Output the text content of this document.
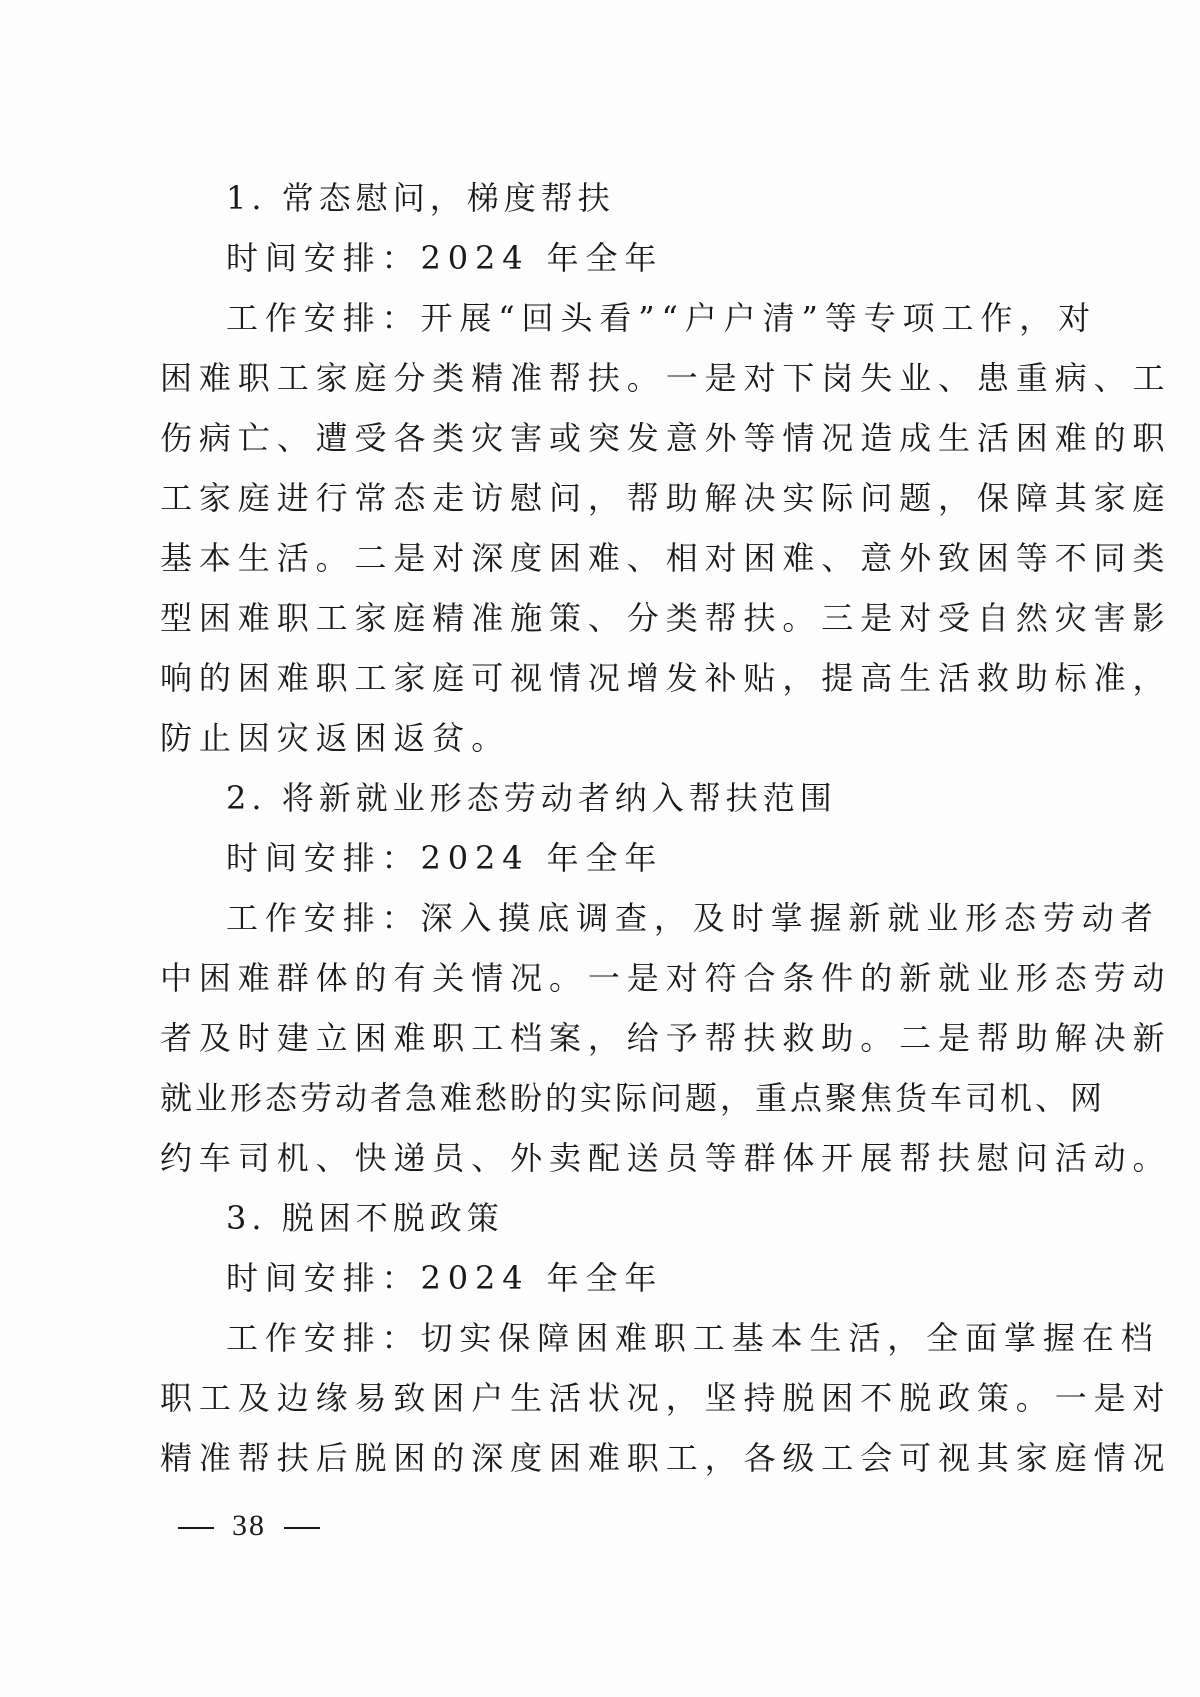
1. 常态慰问，梯度帮扶
时间安排：2024 年全年
工作安排：开展“回头看”“户户清”等专项工作，对
困难职工家庭分类精准帮扶。一是对下岗失业、患重病、工
伤病亡、遭受各类灾害或突发意外等情况造成生活困难的职
工家庭进行常态走访慰问，帮助解决实际问题，保障其家庭
基本生活。二是对深度困难、相对困难、意外致困等不同类
型困难职工家庭精准施策、分类帮扶。三是对受自然灾害影
响的困难职工家庭可视情况增发补贴，提高生活救助标准，
防止因灾返困返贫。
2. 将新就业形态劳动者纳入帮扶范围
时间安排：2024 年全年
工作安排：深入摸底调查，及时掌握新就业形态劳动者
中困难群体的有关情况。一是对符合条件的新就业形态劳动
者及时建立困难职工档案，给予帮扶救助。二是帮助解决新
就业形态劳动者急难愁盼的实际问题，重点聚焦货车司机、网
约车司机、快递员、外卖配送员等群体开展帮扶慰问活动。
3. 脱困不脱政策
时间安排：2024 年全年
工作安排：切实保障困难职工基本生活，全面掌握在档
职工及边缘易致困户生活状况，坚持脱困不脱政策。一是对
精准帮扶后脱困的深度困难职工，各级工会可视其家庭情况
38
